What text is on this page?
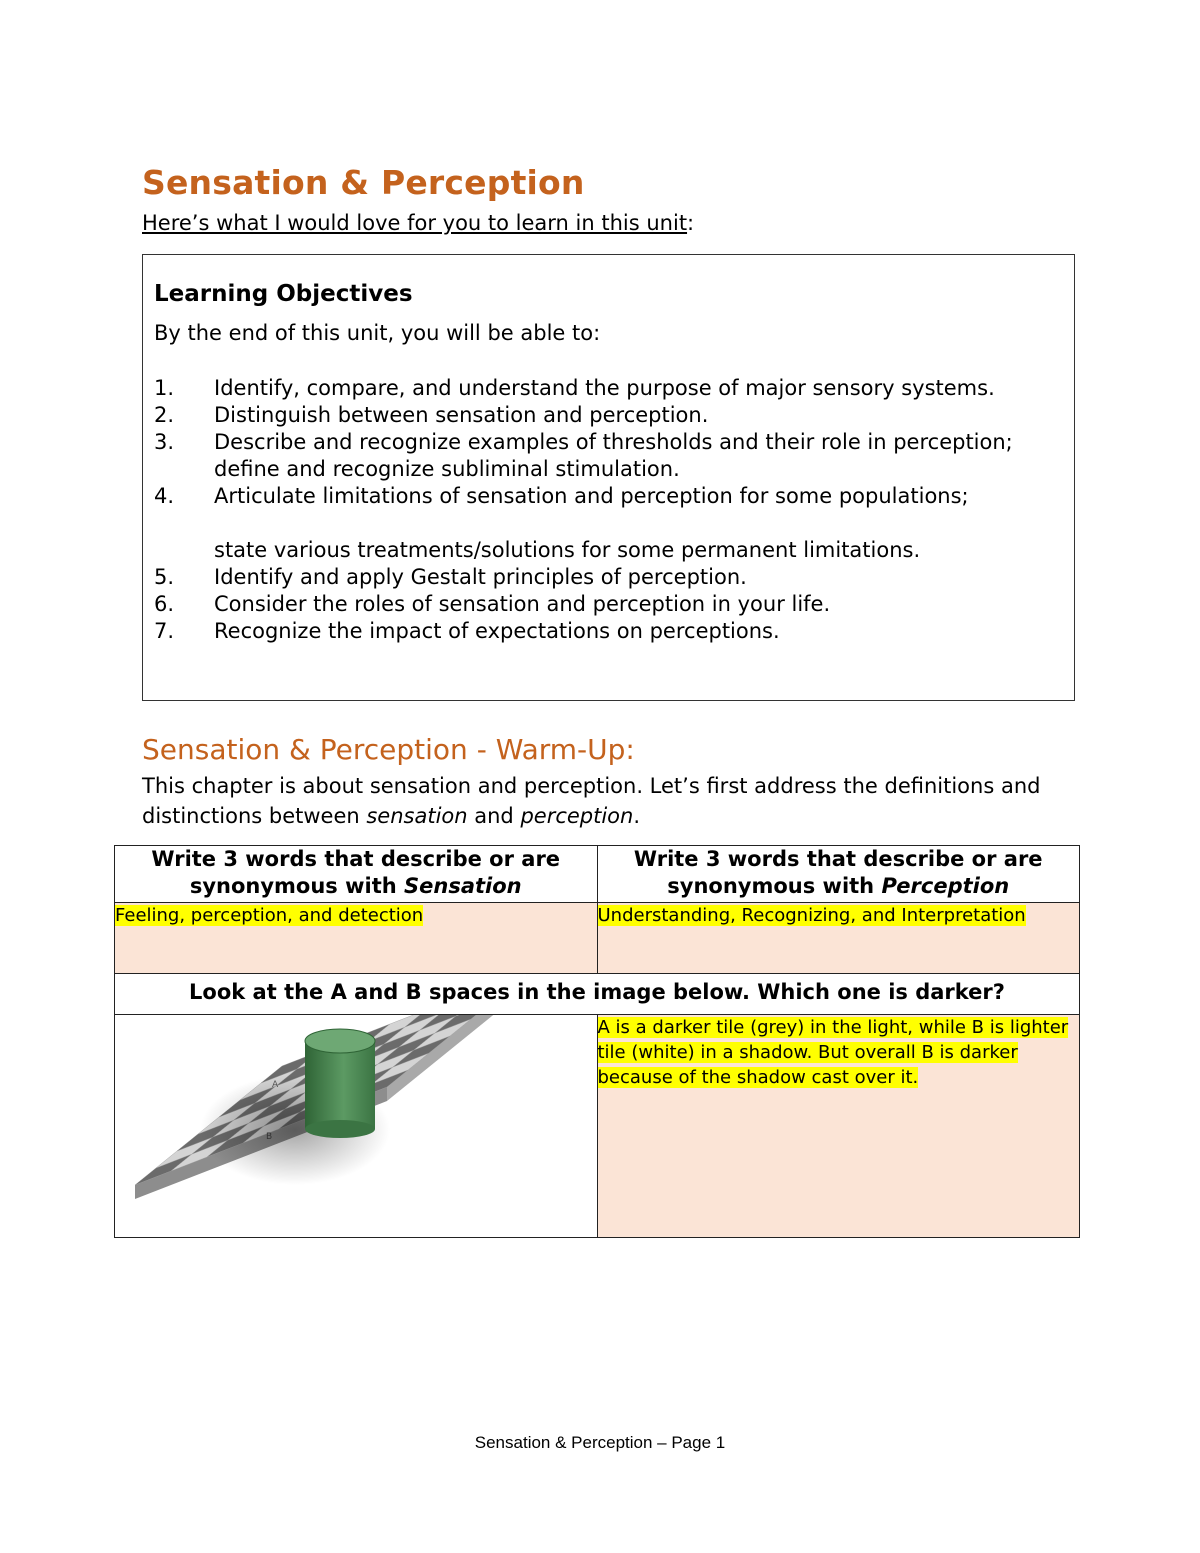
Sensation & Perception

Here’s what I would love for you to learn in this unit:

Learning Objectives

By the end of this unit, you will be able to:

1. Identify, compare, and understand the purpose of major sensory systems.
2. Distinguish between sensation and perception.
3. Describe and recognize examples of thresholds and their role in perception; define and recognize subliminal stimulation.
4. Articulate limitations of sensation and perception for some populations;
state various treatments/solutions for some permanent limitations.
5. Identify and apply Gestalt principles of perception.
6. Consider the roles of sensation and perception in your life.
7. Recognize the impact of expectations on perceptions.
Sensation & Perception - Warm-Up:

This chapter is about sensation and perception. Let’s first address the definitions and distinctions between sensation and perception.

Write 3 words that describe or are synonymous with Sensation	Write 3 words that describe or are synonymous with Perception
Feeling, perception, and detection	Understanding, Recognizing, and Interpretation
Look at the A and B spaces in the image below. Which one is darker?	

A
B	A is a darker tile (grey) in the light, while B is lighter tile (white) in a shadow. But overall B is darker because of the shadow cast over it.
Sensation & Perception – Page 1
